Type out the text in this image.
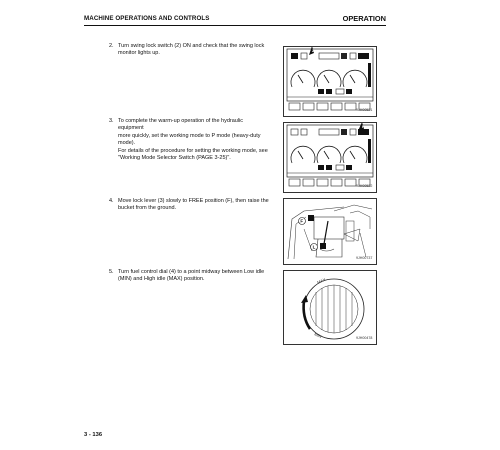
MACHINE OPERATIONS AND CONTROLS	OPERATION
2. Turn swing lock switch (2) ON and check that the swing lock
monitor lights up.	2
9JH00521
3. To complete the warm-up operation of the hydraulic equipment
more quickly, set the working mode to P mode (heavy-duty
mode).
For details of the procedure for setting the working mode, see
"Working Mode Selector Switch (PAGE 3-25)".
P
9JH00522
4. Move lock lever (3) slowly to FREE position (F), then raise the
bucket from the ground.
F
L
9JH00737
5. Turn fuel control dial (4) to a point midway between Low idle
(MIN) and High idle (MAX) position.	MAX
MIN	9JH00478
3 - 136
